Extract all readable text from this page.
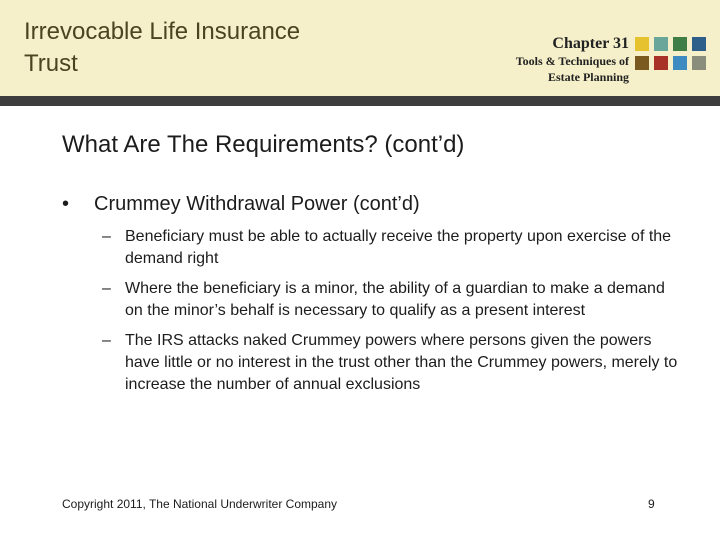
Irrevocable Life Insurance
Trust
Chapter 31
Tools & Techniques of
Estate Planning
What Are The Requirements? (cont’d)
• Crummey Withdrawal Power (cont’d)
– Beneficiary must be able to actually receive the property upon exercise of the demand right
– Where the beneficiary is a minor, the ability of a guardian to make a demand on the minor’s behalf is necessary to qualify as a present interest
– The IRS attacks naked Crummey powers where persons given the powers have little or no interest in the trust other than the Crummey powers, merely to increase the number of annual exclusions
Copyright 2011, The National Underwriter Company	9
